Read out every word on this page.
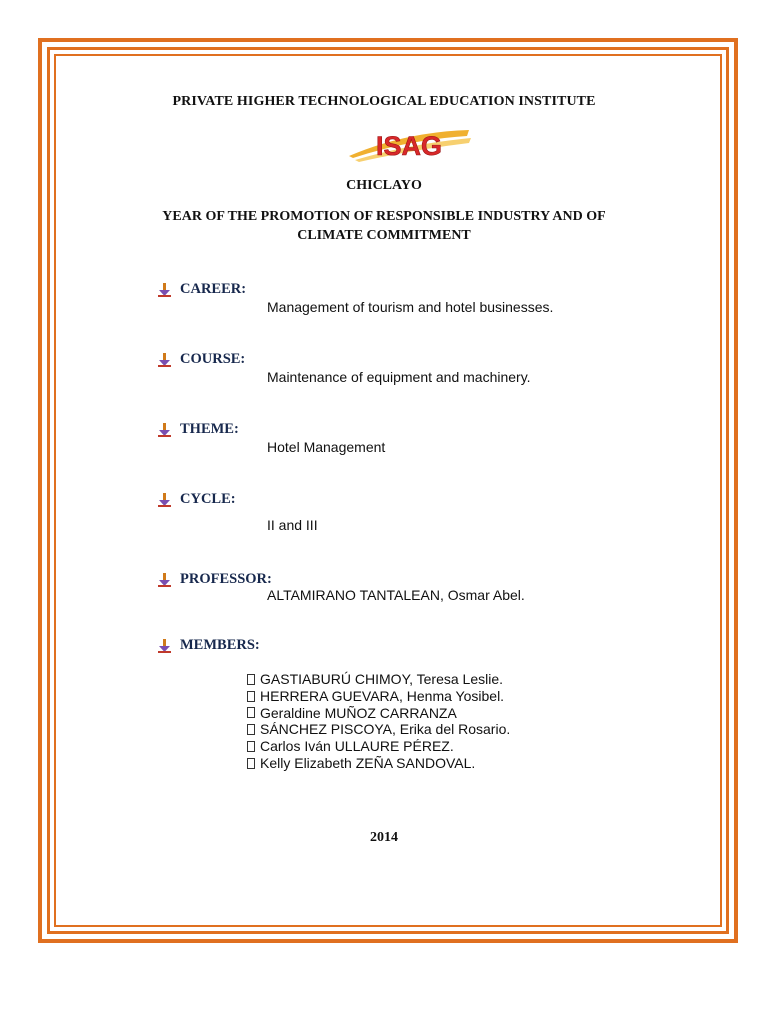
PRIVATE HIGHER TECHNOLOGICAL EDUCATION INSTITUTE
ISAG
CHICLAYO
YEAR OF THE PROMOTION OF RESPONSIBLE INDUSTRY AND OF
CLIMATE COMMITMENT
CAREER:
Management of tourism and hotel businesses.
COURSE:
Maintenance of equipment and machinery.
THEME:
Hotel Management
CYCLE:
II and III
PROFESSOR:
ALTAMIRANO TANTALEAN, Osmar Abel.
MEMBERS:
GASTIABURÚ CHIMOY, Teresa Leslie.
HERRERA GUEVARA, Henma Yosibel.
Geraldine MUÑOZ CARRANZA
SÁNCHEZ PISCOYA, Erika del Rosario.
Carlos Iván ULLAURE PÉREZ.
Kelly Elizabeth ZEÑA SANDOVAL.
2014
